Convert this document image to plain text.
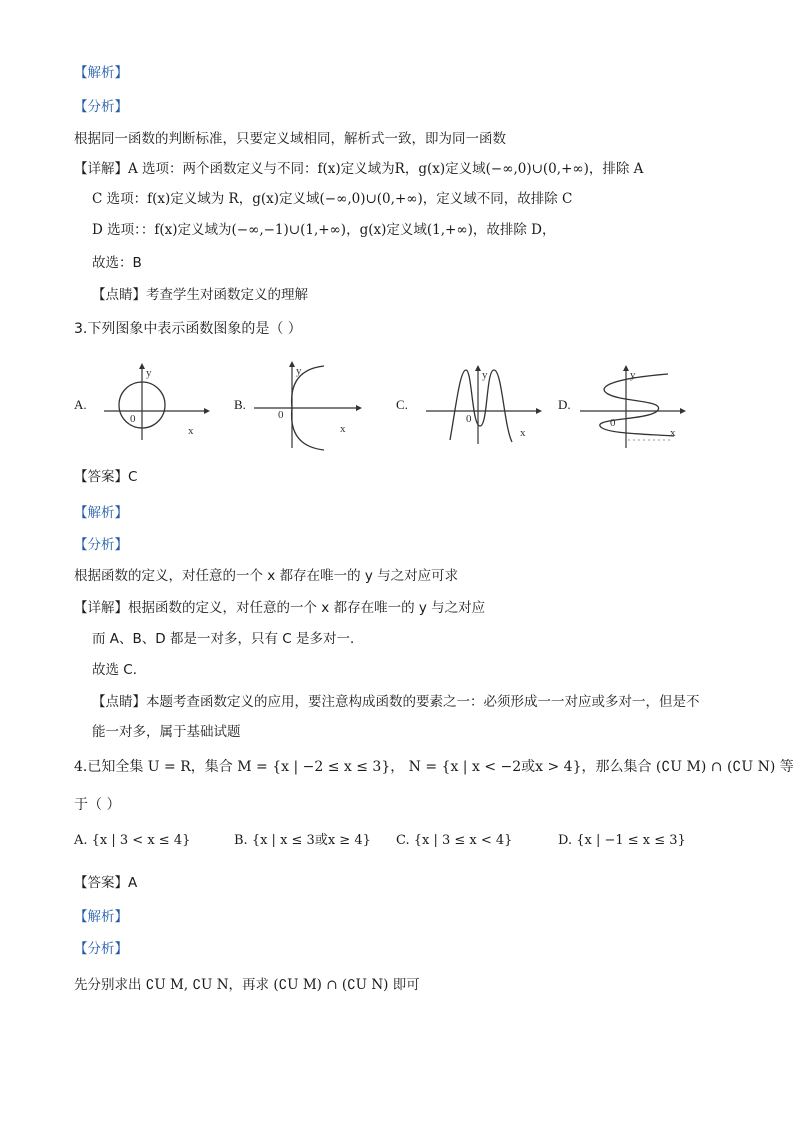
【解析】
【分析】
根据同一函数的判断标准，只要定义域相同，解析式一致，即为同一函数
【详解】A 选项：两个函数定义与不同：f(x)定义域为R，g(x)定义域(−∞,0)∪(0,+∞)，排除 A
C 选项：f(x)定义域为 R，g(x)定义域(−∞,0)∪(0,+∞)，定义域不同，故排除 C
D 选项：：f(x)定义域为(−∞,−1)∪(1,+∞)，g(x)定义域(1,+∞)，故排除 D，
故选：B
【点睛】考查学生对函数定义的理解
3.下列图象中表示函数图象的是（ ）
A.
y
x
0
B.
y
x
0
C.
y
x
0
D.
y
x
0
【答案】C
【解析】
【分析】
根据函数的定义，对任意的一个 x 都存在唯一的 y 与之对应可求
【详解】根据函数的定义，对任意的一个 x 都存在唯一的 y 与之对应
而 A、B、D 都是一对多，只有 C 是多对一．
故选 C．
【点睛】本题考查函数定义的应用，要注意构成函数的要素之一：必须形成一一对应或多对一，但是不
能一对多，属于基础试题
4.已知全集 U = R，集合 M = {x | −2 ≤ x ≤ 3}， N = {x | x < −2或x > 4}，那么集合 (∁U M) ∩ (∁U N) 等
于（ ）
A. {x | 3 < x ≤ 4}	B. {x | x ≤ 3或x ≥ 4} C. {x | 3 ≤ x < 4}	D. {x | −1 ≤ x ≤ 3}
【答案】A
【解析】
【分析】
先分别求出 ∁U M, ∁U N，再求 (∁U M) ∩ (∁U N) 即可
